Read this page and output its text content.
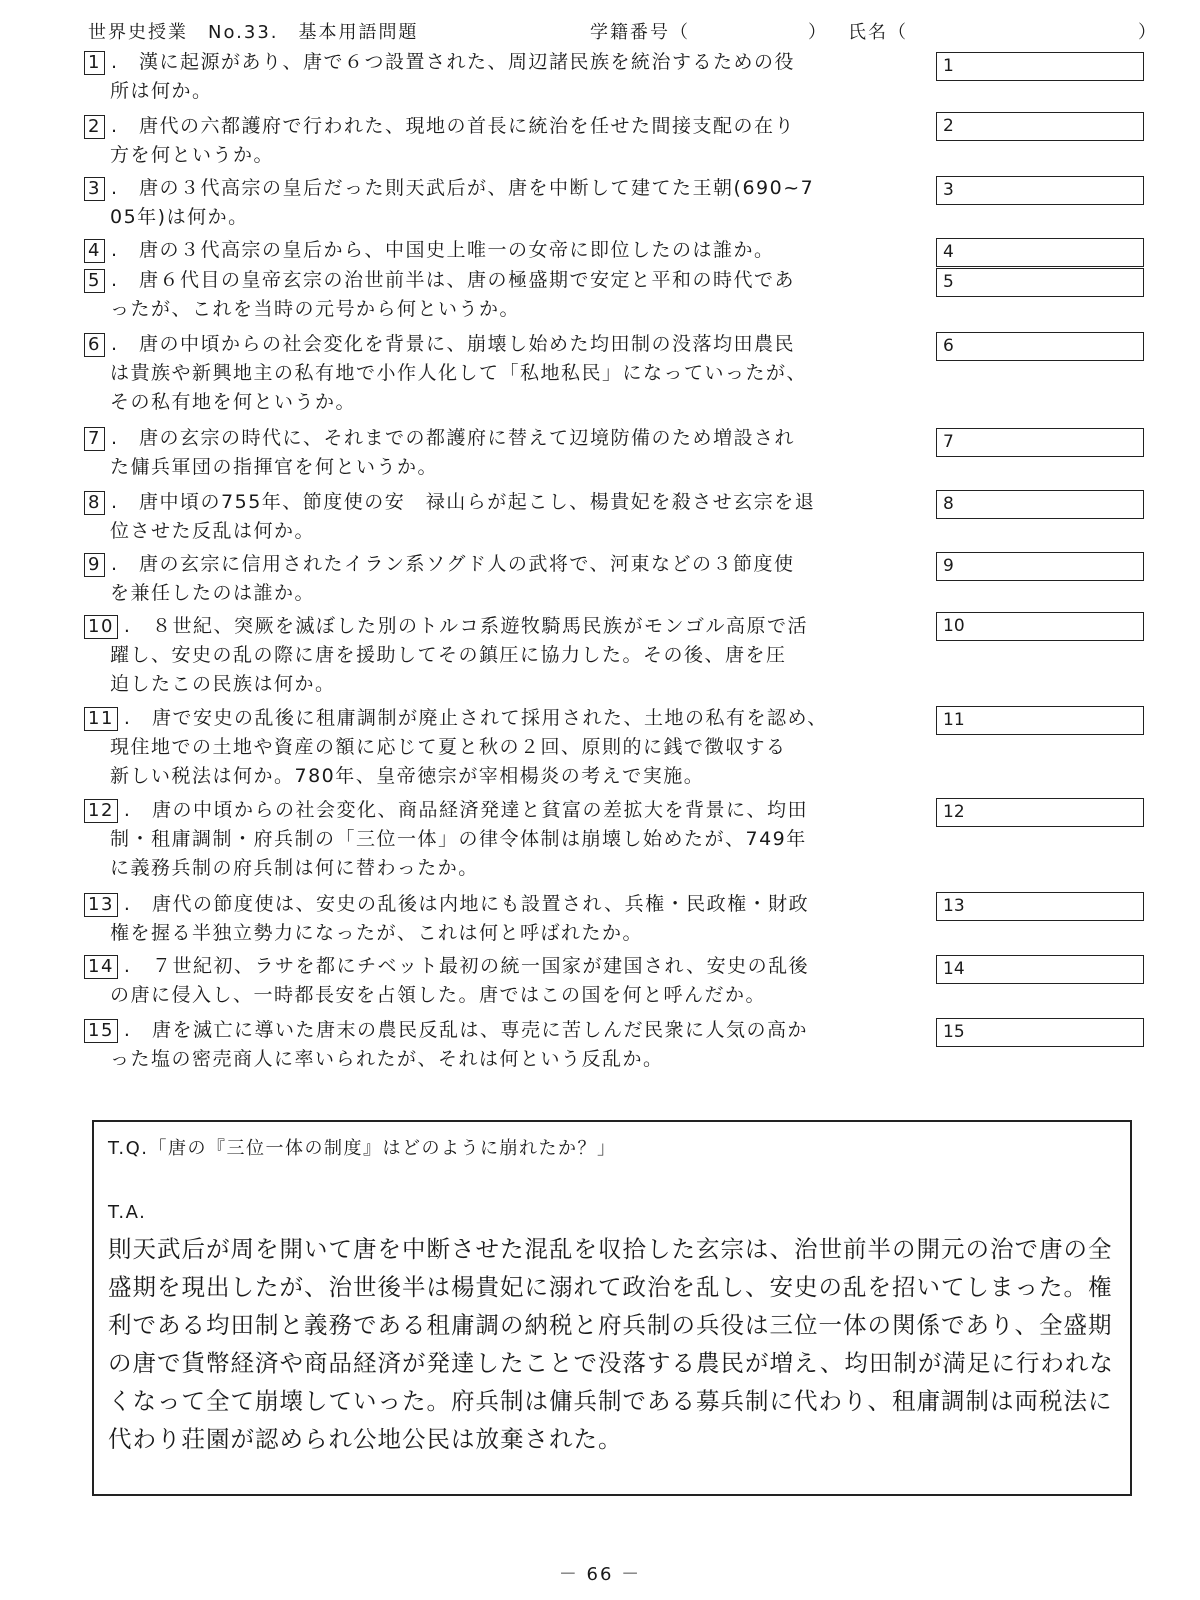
世界史授業　No.33.　基本用語問題	学籍番号（	） 氏名（	）
1 .　漢に起源があり、唐で６つ設置された、周辺諸民族を統治するための役
所は何か。
1
2 .　唐代の六都護府で行われた、現地の首長に統治を任せた間接支配の在り
方を何というか。
2
3 .　唐の３代高宗の皇后だった則天武后が、唐を中断して建てた王朝(690~7
05年)は何か。
3
4 .　唐の３代高宗の皇后から、中国史上唯一の女帝に即位したのは誰か。	4
5 .　唐６代目の皇帝玄宗の治世前半は、唐の極盛期で安定と平和の時代であ
ったが、これを当時の元号から何というか。
5
6 .　唐の中頃からの社会変化を背景に、崩壊し始めた均田制の没落均田農民
は貴族や新興地主の私有地で小作人化して「私地私民」になっていったが、
その私有地を何というか。
6
7 .　唐の玄宗の時代に、それまでの都護府に替えて辺境防備のため増設され
た傭兵軍団の指揮官を何というか。
7
8 .　唐中頃の755年、節度使の安　禄山らが起こし、楊貴妃を殺させ玄宗を退
位させた反乱は何か。
8
9 .　唐の玄宗に信用されたイラン系ソグド人の武将で、河東などの３節度使
を兼任したのは誰か。
9
10 .　８世紀、突厥を滅ぼした別のトルコ系遊牧騎馬民族がモンゴル高原で活
躍し、安史の乱の際に唐を援助してその鎮圧に協力した。その後、唐を圧
迫したこの民族は何か。
10
11 .　唐で安史の乱後に租庸調制が廃止されて採用された、土地の私有を認め、
現住地での土地や資産の額に応じて夏と秋の２回、原則的に銭で徴収する
新しい税法は何か。780年、皇帝徳宗が宰相楊炎の考えで実施。
11
12 .　唐の中頃からの社会変化、商品経済発達と貧富の差拡大を背景に、均田
制・租庸調制・府兵制の「三位一体」の律令体制は崩壊し始めたが、749年
に義務兵制の府兵制は何に替わったか。
12
13 .　唐代の節度使は、安史の乱後は内地にも設置され、兵権・民政権・財政
権を握る半独立勢力になったが、これは何と呼ばれたか。
13
14 .　７世紀初、ラサを都にチベット最初の統一国家が建国され、安史の乱後
の唐に侵入し、一時都長安を占領した。唐ではこの国を何と呼んだか。
14
15 .　唐を滅亡に導いた唐末の農民反乱は、専売に苦しんだ民衆に人気の高か
った塩の密売商人に率いられたが、それは何という反乱か。
15
T.Q.「唐の『三位一体の制度』はどのように崩れたか？」
T.A.
則天武后が周を開いて唐を中断させた混乱を収拾した玄宗は、治世前半の開元の治で唐の全盛期を現出したが、治世後半は楊貴妃に溺れて政治を乱し、安史の乱を招いてしまった。権利である均田制と義務である租庸調の納税と府兵制の兵役は三位一体の関係であり、全盛期の唐で貨幣経済や商品経済が発達したことで没落する農民が増え、均田制が満足に行われなくなって全て崩壊していった。府兵制は傭兵制である募兵制に代わり、租庸調制は両税法に代わり荘園が認められ公地公民は放棄された。
－ 66 －
